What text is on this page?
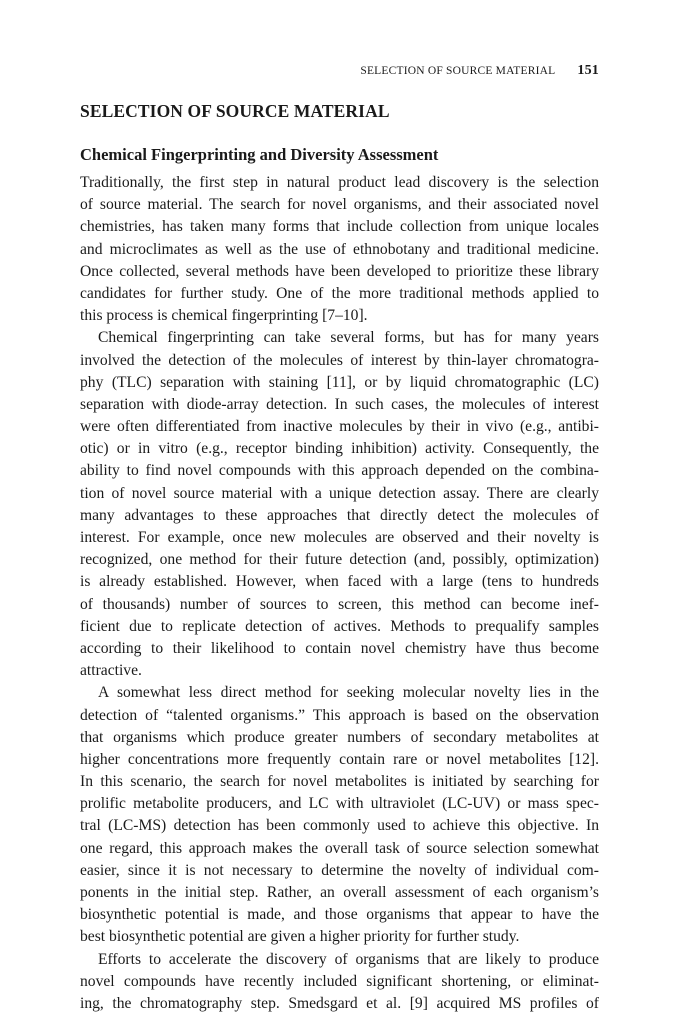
SELECTION OF SOURCE MATERIAL 151
SELECTION OF SOURCE MATERIAL
Chemical Fingerprinting and Diversity Assessment
Traditionally, the first step in natural product lead discovery is the selection
of source material. The search for novel organisms, and their associated novel
chemistries, has taken many forms that include collection from unique locales
and microclimates as well as the use of ethnobotany and traditional medicine.
Once collected, several methods have been developed to prioritize these library
candidates for further study. One of the more traditional methods applied to
this process is chemical fingerprinting [7–10].
Chemical fingerprinting can take several forms, but has for many years
involved the detection of the molecules of interest by thin-layer chromatogra-
phy (TLC) separation with staining [11], or by liquid chromatographic (LC)
separation with diode-array detection. In such cases, the molecules of interest
were often differentiated from inactive molecules by their in vivo (e.g., antibi-
otic) or in vitro (e.g., receptor binding inhibition) activity. Consequently, the
ability to find novel compounds with this approach depended on the combina-
tion of novel source material with a unique detection assay. There are clearly
many advantages to these approaches that directly detect the molecules of
interest. For example, once new molecules are observed and their novelty is
recognized, one method for their future detection (and, possibly, optimization)
is already established. However, when faced with a large (tens to hundreds
of thousands) number of sources to screen, this method can become inef-
ficient due to replicate detection of actives. Methods to prequalify samples
according to their likelihood to contain novel chemistry have thus become
attractive.
A somewhat less direct method for seeking molecular novelty lies in the
detection of “talented organisms.” This approach is based on the observation
that organisms which produce greater numbers of secondary metabolites at
higher concentrations more frequently contain rare or novel metabolites [12].
In this scenario, the search for novel metabolites is initiated by searching for
prolific metabolite producers, and LC with ultraviolet (LC-UV) or mass spec-
tral (LC-MS) detection has been commonly used to achieve this objective. In
one regard, this approach makes the overall task of source selection somewhat
easier, since it is not necessary to determine the novelty of individual com-
ponents in the initial step. Rather, an overall assessment of each organism’s
biosynthetic potential is made, and those organisms that appear to have the
best biosynthetic potential are given a higher priority for further study.
Efforts to accelerate the discovery of organisms that are likely to produce
novel compounds have recently included significant shortening, or eliminat-
ing, the chromatography step. Smedsgard et al. [9] acquired MS profiles of
